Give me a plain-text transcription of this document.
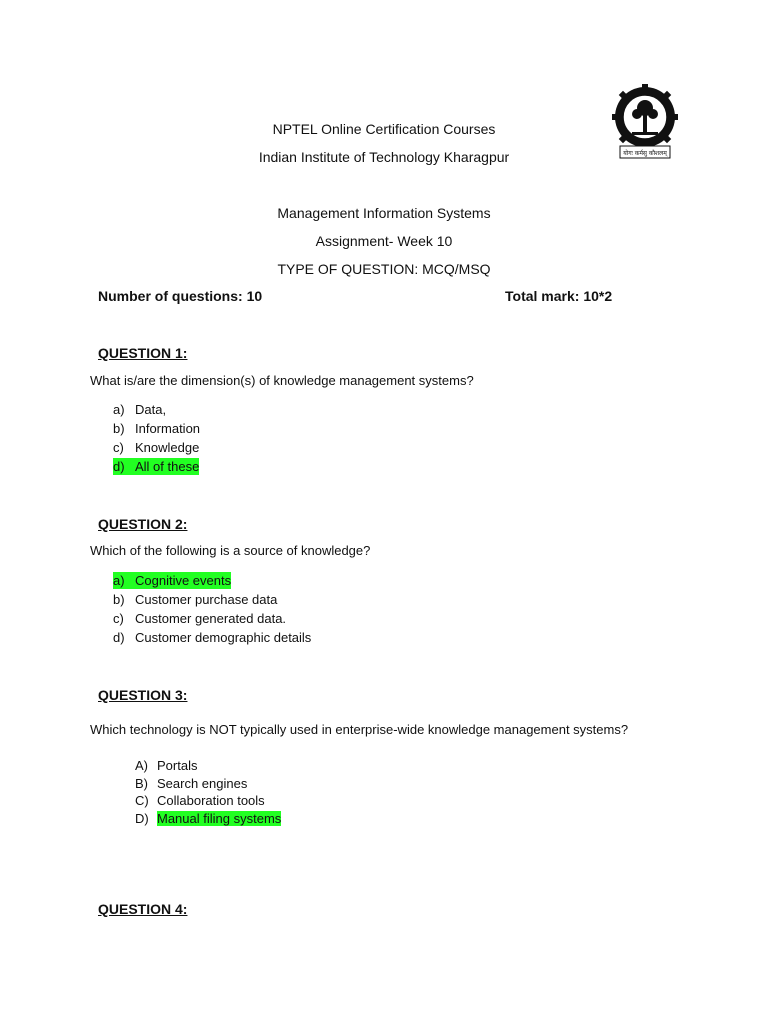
NPTEL Online Certification Courses
Indian Institute of Technology Kharagpur
Management Information Systems
Assignment- Week 10
TYPE OF QUESTION: MCQ/MSQ
योगः कर्मसु कौशलम्
Number of questions: 10	Total mark: 10*2
QUESTION 1:
What is/are the dimension(s) of knowledge management systems?
a) Data,
b) Information
c) Knowledge
d) All of these
QUESTION 2:
Which of the following is a source of knowledge?
a) Cognitive events
b) Customer purchase data
c) Customer generated data.
d) Customer demographic details
QUESTION 3:
Which technology is NOT typically used in enterprise-wide knowledge management systems?
A) Portals
B) Search engines
C) Collaboration tools
D) Manual filing systems
QUESTION 4:
